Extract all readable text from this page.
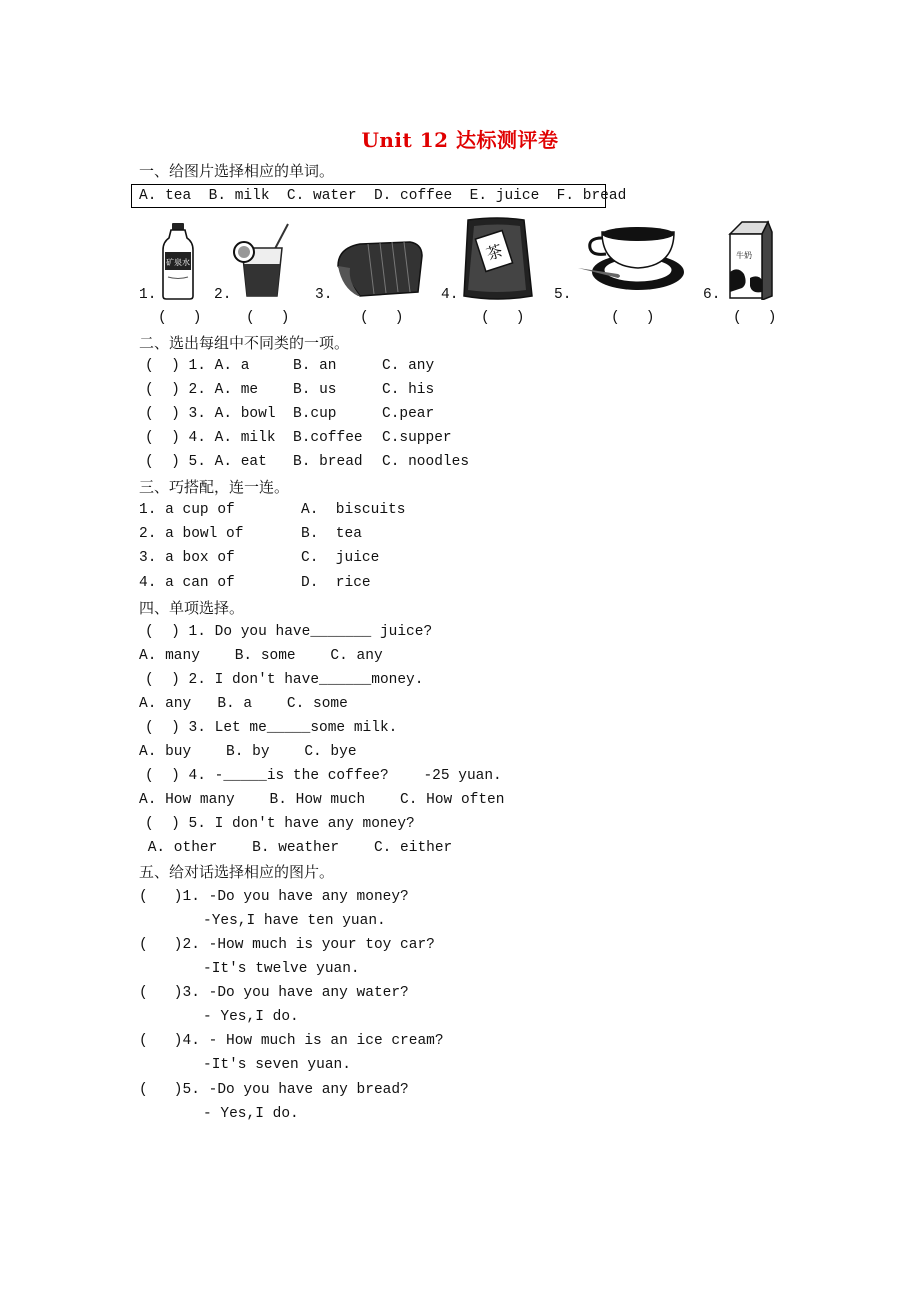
Unit 12 达标测评卷
一、给图片选择相应的单词。
A. tea  B. milk  C. water  D. coffee  E. juice  F. bread
1.	2.	3.	4.	5.	6.
矿泉水	茶	牛奶
(   )	(   )	(   )	(   )	(   )	(   )
二、选出每组中不同类的一项。
(  ) 1. A. a	B. an	C. any
(  ) 2. A. me B. us	C. his
(  ) 3. A. bowl B.cup	C.pear
(  ) 4. A. milk B.coffee C.supper
(  ) 5. A. eat B. bread C. noodles
三、巧搭配，连一连。
1. a cup of	A.  biscuits
2. a bowl of	B.  tea
3. a box of	C.  juice
4. a can of	D.  rice
四、单项选择。
(  ) 1. Do you have_______ juice?
A. many    B. some    C. any
(  ) 2. I don't have______money.
A. any   B. a    C. some
(  ) 3. Let me_____some milk.
A. buy    B. by    C. bye
(  ) 4. -_____is the coffee?    -25 yuan.
A. How many    B. How much    C. How often
(  ) 5. I don't have any money?
A. other    B. weather    C. either
五、给对话选择相应的图片。
(   )1. -Do you have any money?
-Yes,I have ten yuan.
(   )2. -How much is your toy car?
-It's twelve yuan.
(   )3. -Do you have any water?
- Yes,I do.
(   )4. - How much is an ice cream?
-It's seven yuan.
(   )5. -Do you have any bread?
- Yes,I do.
